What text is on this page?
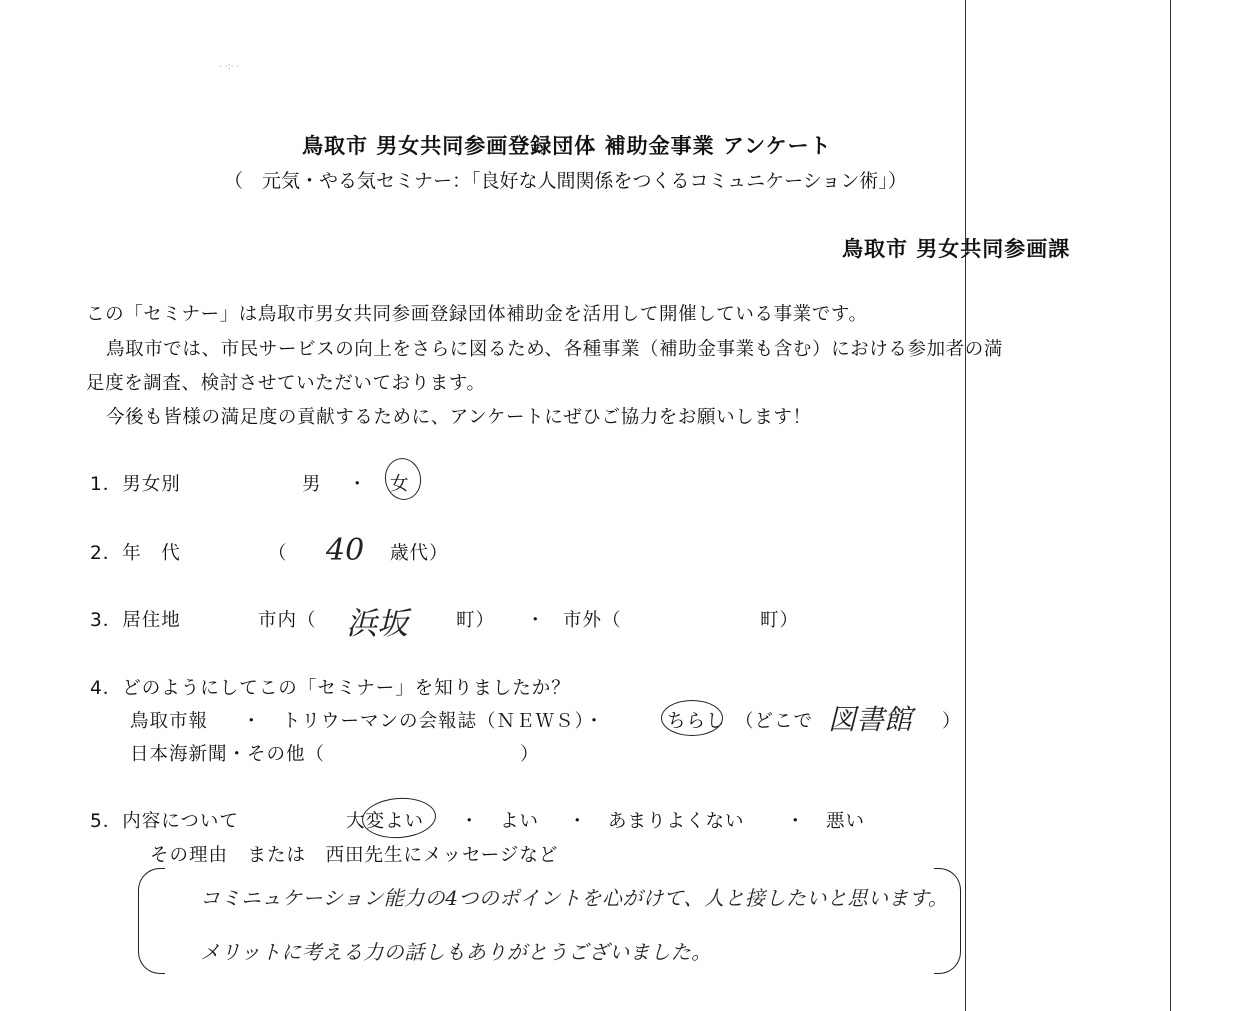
· ·:· ·
鳥取市 男女共同参画登録団体 補助金事業 アンケート
（　元気・やる気セミナー：「良好な人間関係をつくるコミュニケーション術」）
鳥取市 男女共同参画課
この「セミナー」は鳥取市男女共同参画登録団体補助金を活用して開催している事業です。
鳥取市では、市民サービスの向上をさらに図るため、各種事業（補助金事業も含む）における参加者の満
足度を調査、検討させていただいております。
今後も皆様の満足度の貢献するために、アンケートにぜひご協力をお願いします！
1．男女別	男 ・ 女
2．年　代	（ 40 歳代）
3．居住地	市内（ 浜坂	町） ・ 市外（	町）
4．どのようにしてこの「セミナー」を知りましたか？
鳥取市報 ・ トリウーマンの会報誌（ＮＥＷＳ）・	ちらし （どこで 図書館 ）
日本海新聞・その他（	）
5．内容について	大変よい ・ よい ・ あまりよくない ・ 悪い
その理由　または　西田先生にメッセージなど
コミニュケーション能力の4つのポイントを心がけて、人と接したいと思います。
メリットに考える力の話しもありがとうございました。
